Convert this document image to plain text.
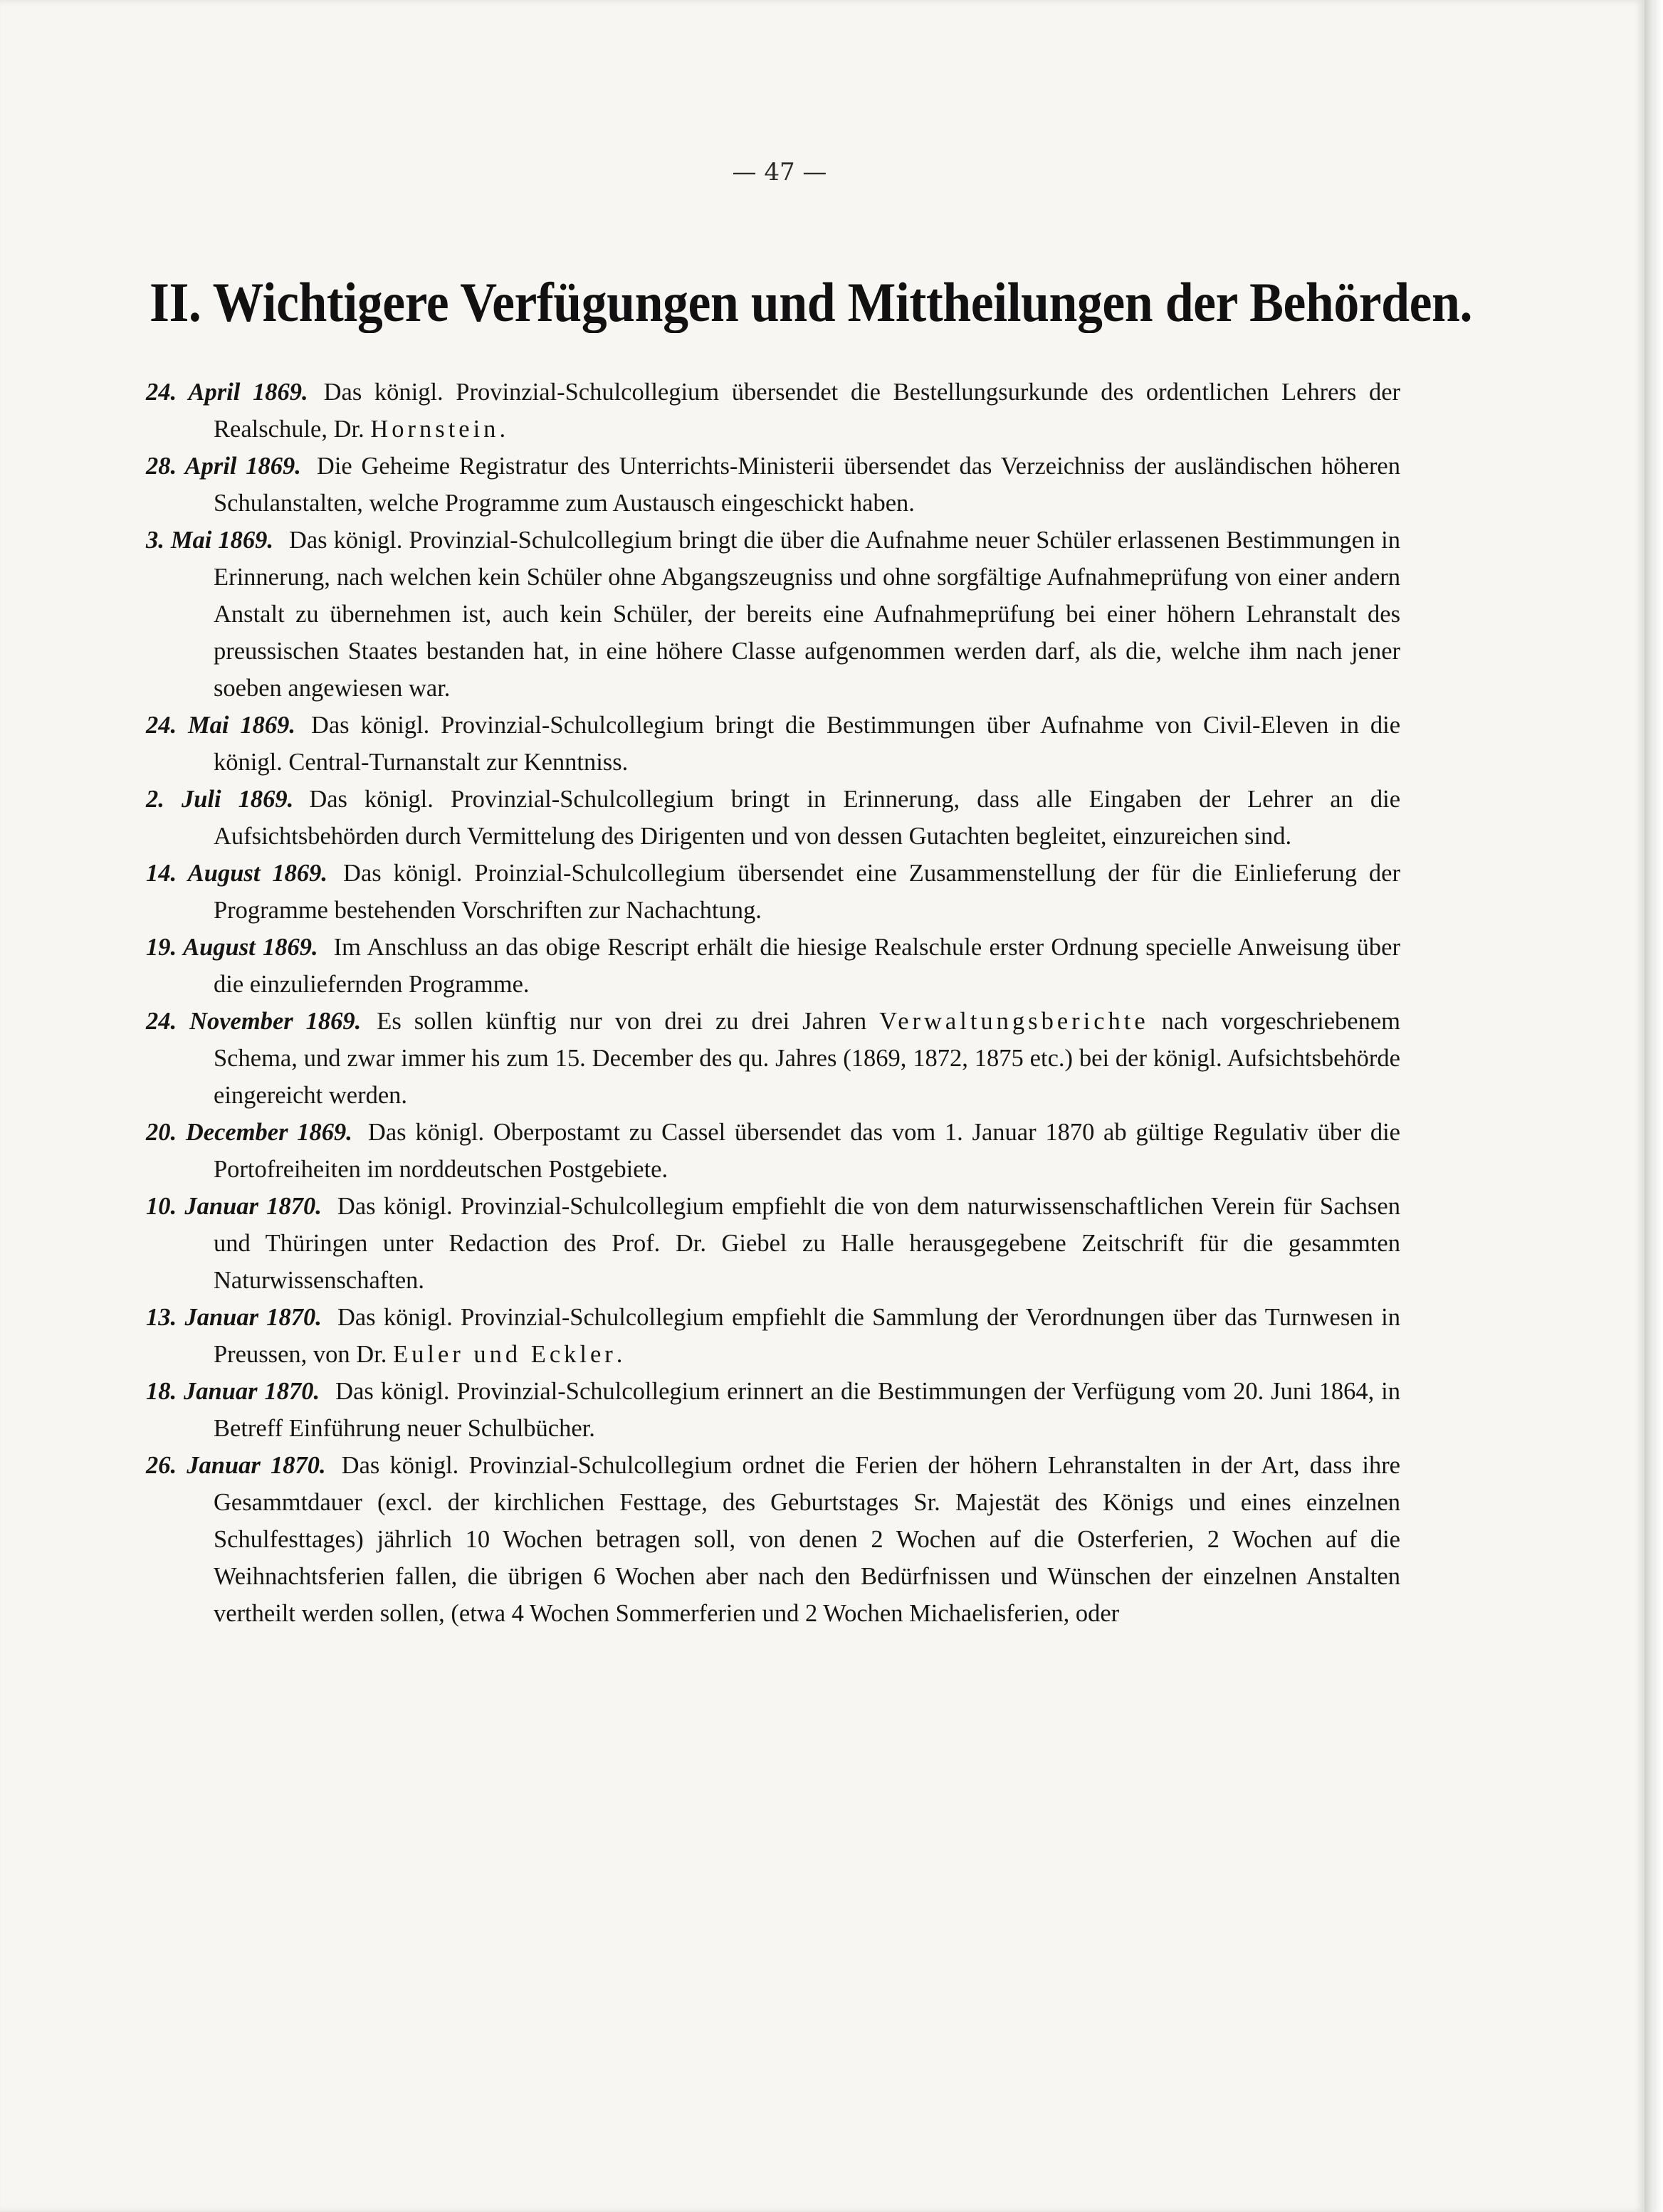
— 47 —
II. Wichtigere Verfügungen und Mittheilungen der Behörden.

24. April 1869. Das königl. Provinzial-Schulcollegium übersendet die Bestellungsurkunde des ordentlichen Lehrers der Realschule, Dr. Hornstein.

28. April 1869. Die Geheime Registratur des Unterrichts-Ministerii übersendet das Verzeichniss der ausländischen höheren Schulanstalten, welche Programme zum Austausch eingeschickt haben.

3. Mai 1869. Das königl. Provinzial-Schulcollegium bringt die über die Aufnahme neuer Schüler erlassenen Bestimmungen in Erinnerung, nach welchen kein Schüler ohne Abgangszeugniss und ohne sorgfältige Aufnahmeprüfung von einer andern Anstalt zu übernehmen ist, auch kein Schüler, der bereits eine Aufnahmeprüfung bei einer höhern Lehranstalt des preussischen Staates bestanden hat, in eine höhere Classe aufgenommen werden darf, als die, welche ihm nach jener soeben angewiesen war.

24. Mai 1869. Das königl. Provinzial-Schulcollegium bringt die Bestimmungen über Aufnahme von Civil-Eleven in die königl. Central-Turnanstalt zur Kenntniss.

2. Juli 1869. Das königl. Provinzial-Schulcollegium bringt in Erinnerung, dass alle Eingaben der Lehrer an die Aufsichtsbehörden durch Vermittelung des Dirigenten und von dessen Gutachten begleitet, einzureichen sind.

14. August 1869. Das königl. Proinzial-Schulcollegium übersendet eine Zusammenstellung der für die Einlieferung der Programme bestehenden Vorschriften zur Nachachtung.

19. August 1869. Im Anschluss an das obige Rescript erhält die hiesige Realschule erster Ordnung specielle Anweisung über die einzuliefernden Programme.

24. November 1869. Es sollen künftig nur von drei zu drei Jahren Verwaltungsberichte nach vorgeschriebenem Schema, und zwar immer his zum 15. December des qu. Jahres (1869, 1872, 1875 etc.) bei der königl. Aufsichtsbehörde eingereicht werden.

20. December 1869. Das königl. Oberpostamt zu Cassel übersendet das vom 1. Januar 1870 ab gültige Regulativ über die Portofreiheiten im norddeutschen Postgebiete.

10. Januar 1870. Das königl. Provinzial-Schulcollegium empfiehlt die von dem naturwissenschaftlichen Verein für Sachsen und Thüringen unter Redaction des Prof. Dr. Giebel zu Halle herausgegebene Zeitschrift für die gesammten Naturwissenschaften.

13. Januar 1870. Das königl. Provinzial-Schulcollegium empfiehlt die Sammlung der Verordnungen über das Turnwesen in Preussen, von Dr. Euler und Eckler.

18. Januar 1870. Das königl. Provinzial-Schulcollegium erinnert an die Bestimmungen der Verfügung vom 20. Juni 1864, in Betreff Einführung neuer Schulbücher.

26. Januar 1870. Das königl. Provinzial-Schulcollegium ordnet die Ferien der höhern Lehranstalten in der Art, dass ihre Gesammtdauer (excl. der kirchlichen Festtage, des Geburtstages Sr. Majestät des Königs und eines einzelnen Schulfesttages) jährlich 10 Wochen betragen soll, von denen 2 Wochen auf die Osterferien, 2 Wochen auf die Weihnachtsferien fallen, die übrigen 6 Wochen aber nach den Bedürfnissen und Wünschen der einzelnen Anstalten vertheilt werden sollen, (etwa 4 Wochen Sommerferien und 2 Wochen Michaelisferien, oder
